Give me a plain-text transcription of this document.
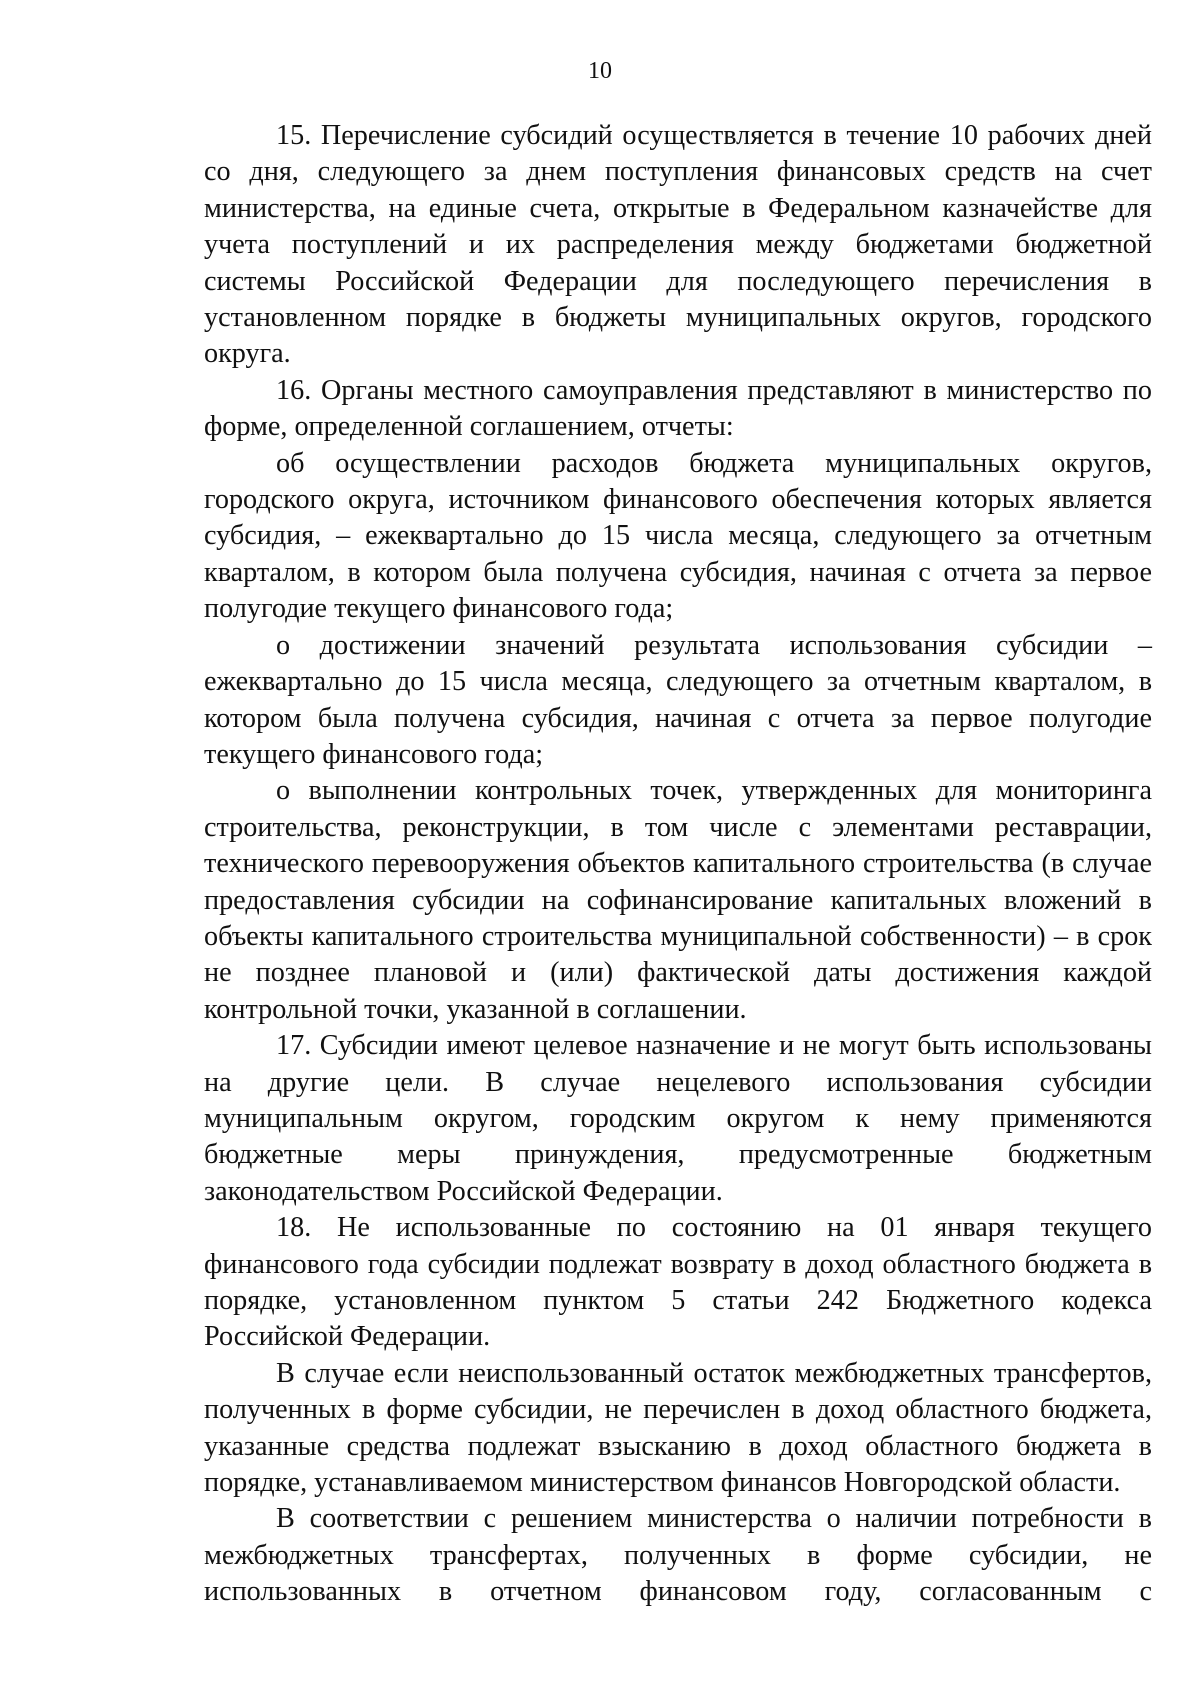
10

15. Перечисление субсидий осуществляется в течение 10 рабочих дней со дня, следующего за днем поступления финансовых средств на счет министерства, на единые счета, открытые в Федеральном казначействе для учета поступлений и их распределения между бюджетами бюджетной системы Российской Федерации для последующего перечисления в установленном порядке в бюджеты муниципальных округов, городского округа.

16. Органы местного самоуправления представляют в министерство по форме, определенной соглашением, отчеты:

об осуществлении расходов бюджета муниципальных округов, городского округа, источником финансового обеспечения которых является субсидия, – ежеквартально до 15 числа месяца, следующего за отчетным кварталом, в котором была получена субсидия, начиная с отчета за первое полугодие текущего финансового года;

о достижении значений результата использования субсидии – ежеквартально до 15 числа месяца, следующего за отчетным кварталом, в котором была получена субсидия, начиная с отчета за первое полугодие текущего финансового года;

о выполнении контрольных точек, утвержденных для мониторинга строительства, реконструкции, в том числе с элементами реставрации, технического перевооружения объектов капитального строительства (в случае предоставления субсидии на софинансирование капитальных вложений в объекты капитального строительства муниципальной собственности) – в срок не позднее плановой и (или) фактической даты достижения каждой контрольной точки, указанной в соглашении.

17. Субсидии имеют целевое назначение и не могут быть использованы на другие цели. В случае нецелевого использования субсидии муниципальным округом, городским округом к нему применяются бюджетные меры принуждения, предусмотренные бюджетным законодательством Российской Федерации.

18. Не использованные по состоянию на 01 января текущего финансового года субсидии подлежат возврату в доход областного бюджета в порядке, установленном пунктом 5 статьи 242 Бюджетного кодекса Российской Федерации.

В случае если неиспользованный остаток межбюджетных трансфертов, полученных в форме субсидии, не перечислен в доход областного бюджета, указанные средства подлежат взысканию в доход областного бюджета в порядке, устанавливаемом министерством финансов Новгородской области.

В соответствии с решением министерства о наличии потребности в межбюджетных трансфертах, полученных в форме субсидии, не использованных в отчетном финансовом году, согласованным с
